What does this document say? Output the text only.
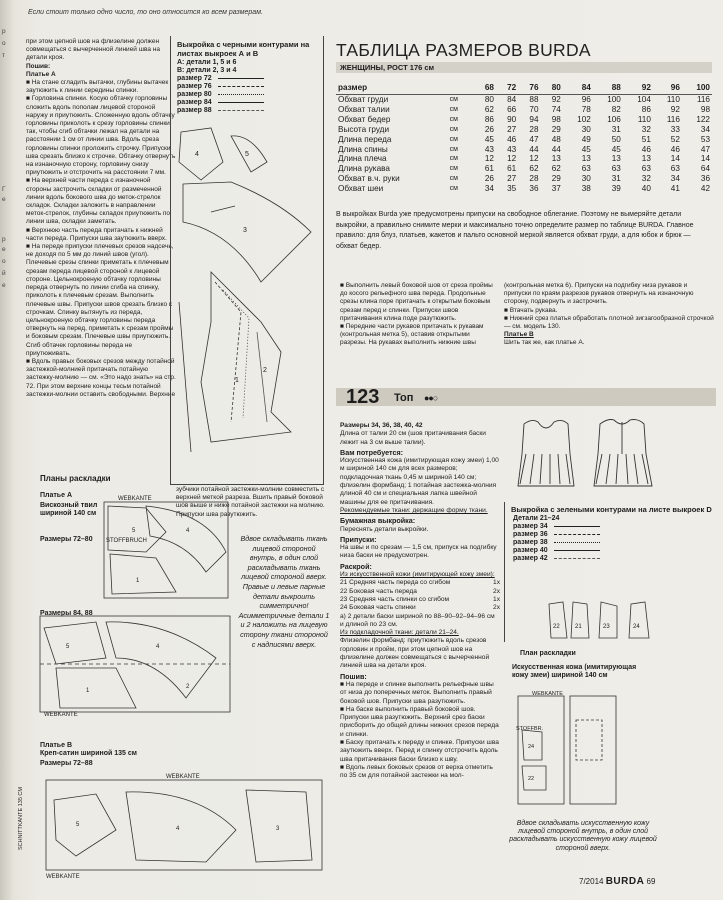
р
о
т
Г
е
р
е
о
й
е
Если стоит только одно число, то оно относится ко всем размерам.

при этом цепной шов на флизелине должен совмещаться с вычерченной линией шва на детали кроя.

Пошив:

Платье А

■ На стане сгладить вытачки, глубины вытачек заутюжить к линии середины спинки.

■ Горловина спинки. Косую обтачку горловины сложить вдоль пополам лицевой стороной наружу и приутюжить. Сложенную вдоль обтачку горловины приколоть к срезу горловины спинки так, чтобы сгиб обтачки лежал на детали на расстоянии 1 см от линии шва. Вдоль среза горловины спинки проложить строчку. Припуски шва срезать близко к строчке. Обтачку отвернуть на изнаночную сторону, горловину снизу приутюжить и отстрочить на расстоянии 7 мм.

■ На верхней части переда с изнаночной стороны застрочить складки от размеченной линии вдоль бокового шва до меток-стрелок складок. Складки заложить в направлении меток-стрелок, глубины складок приутюжить по линии шва, складки заметать.

■ Верхнюю часть переда притачать к нижней части переда. Припуски шва заутюжить вверх.

■ На переде припуски плечевых срезов надсечь, не доходя по 5 мм до линий швов (угол). Плечевые срезы спинки приметать к плечевым срезам переда лицевой стороной к лицевой стороне. Цельнокроеную обтачку горловины переда отвернуть по линии сгиба на спинку, приколоть к плечевым срезам. Выполнить плечевые швы. Припуски швов срезать близко к строчкам. Спинку вытянуть из переда, цельнокроеную обтачку горловины переда отвернуть на перед, приметать к срезам проймы и боковым срезам. Плечевые швы приутюжить. Сгиб обтачек горловины переда не приутюживать.

■ Вдоль правых боковых срезов между потайной застежкой-молнией притачать потайную застежку-молнию — см. «Это надо знать» на стр. 72. При этом верхние концы тесьм потайной застежки-молнии оставить свободными. Верхние

Выкройка с черными контурами на листах выкроек А и В
А: детали 1, 5 и 6
В: детали 2, 3 и 4
размер 72
размер 76
размер 80
размер 84
размер 88
4	5
3
1
2
зубчики потайной застежки-молнии совместить с верхней меткой разреза. Вшить правый боковой шов выше и ниже потайной застежки на молнию. Припуски шва разутюжить.
ТАБЛИЦА РАЗМЕРОВ BURDA
ЖЕНЩИНЫ, РОСТ 176 см
размер		68	72	76	80	84	88	92	96	100
Обхват груди	см	80	84	88	92	96	100	104	110	116
Обхват талии	см	62	66	70	74	78	82	86	92	98
Обхват бедер	см	86	90	94	98	102	106	110	116	122
Высота груди	см	26	27	28	29	30	31	32	33	34
Длина переда	см	45	46	47	48	49	50	51	52	53
Длина спины	см	43	43	44	44	45	45	46	46	47
Длина плеча	см	12	12	12	13	13	13	13	14	14
Длина рукава	см	61	61	62	62	63	63	63	63	64
Обхват в.ч. руки	см	26	27	28	29	30	31	32	34	36
Обхват шеи	см	34	35	36	37	38	39	40	41	42
В выкройках Burda уже предусмотрены припуски на свободное облегание. Поэтому не вымеряйте детали выкройки, а правильно снимите мерки и максимально точно определите размер по таблице BURDA. Главное правило: для блуз, платьев, жакетов и пальто основной меркой является обхват груди, а для юбок и брюк — обхват бедер.

■ Выполнить левый боковой шов от среза проймы до косого рельефного шва переда. Продольные срезы клина поре притачать к открытым боковым срезам перед и спинки. Припуски швов притачивания клина поде разутюжить.

■ Передние части рукавов притачать к рукавам (контрольная метка 5), оставив открытыми разрезы. На рукавах выполнить нижние швы

(контрольная метка 6). Припуски на подгибку низа рукавов и припуски по краям разрезов рукавов отвернуть на изнаночную сторону, подвернуть и застрочить.

■ Втачать рукава.

■ Нижний срез платья обработать плотной зигзагообразной строчкой — см. модель 130.

Платье В

Шить так же, как платье А.

123 Топ ●●○

Размеры 34, 36, 38, 40, 42

Длина от талии 20 см (шов притачивания баски лежит на 3 см выше талии).

Вам потребуется:

Искусственная кожа (имитирующая кожу змеи) 1,00 м шириной 140 см для всех размеров; подкладочная ткань 0,45 м шириной 140 см; флизелин формбанд; 1 потайная застежка-молния длиной 40 см и специальная лапка швейной машины для ее притачивания.

Рекомендуемые ткани: держащие форму ткани.

Бумажная выкройка:

Переснять детали выкройки.

Припуски:

На швы и по срезам — 1,5 см, припуск на подгибку низа баски не предусмотрен.

Раскрой:

Из искусственной кожи (имитирующей кожу змеи):

21 Средняя часть переда со сгибом	1x
22 Боковая часть переда	2x
23 Средняя часть спинки со сгибом	1x
24 Боковая часть спинки	2x

а) 2 детали баски шириной по 88–90–92–94–96 см и длиной по 23 см.

Из подкладочной ткани: детали 21–24.

Флизелин формбанд: приутюжить вдоль срезов горловин и пройм, при этом цепной шов на флизелине должен совмещаться с вычерченной линией шва на детали кроя.

Пошив:

■ На переде и спинке выполнить рельефные швы от низа до поперечных меток. Выполнить правый боковой шов. Припуски шва разутюжить.

■ На баске выполнить правый боковой шов. Припуски шва разутюжить. Верхний срез баски присборить до общей длины нижних срезов переда и спинки.

■ Баску притачать к переду и спинке. Припуски шва заутюжить вверх. Перед и спинку отстрочить вдоль шва притачивания баски близко к шву.

■ Вдоль левых боковых срезов от верха отметить по 35 см для потайной застежки на мол-

Выкройка с зелеными контурами на листе выкроек D
Детали 21–24
размер 34
размер 36
размер 38
размер 40
размер 42
22	21	23	24
План раскладки
Искусственная кожа (имитирующая кожу змеи) шириной 140 см
WEBKANTE
24
22
STOFFBR.
Вдвое складывать искусственную кожу лицевой стороной внутрь, в один слой раскладывать искусственную кожу лицевой стороной вверх.
Планы раскладки
Платье А
Вискозный твил шириной 140 см
Размеры 72–80
Размеры 84, 88
Платье В
Креп-сатин шириной 135 см
Размеры 72–88
WEBKANTE
STOFFBRUCH
5	4
1
5	4
1
2
WEBKANTE
WEBKANTE
WEBKANTE
5
4	3
SCHNITTKANTE 135 CM
Вдвое складывать ткань лицевой стороной внутрь, в один слой раскладывать ткань лицевой стороной вверх. Правые и левые парные детали выкроить симметрично! Асимметричные детали 1 и 2 наложить на лицевую сторону ткани стороной с надписями вверх.
7/2014 BURDA 69
